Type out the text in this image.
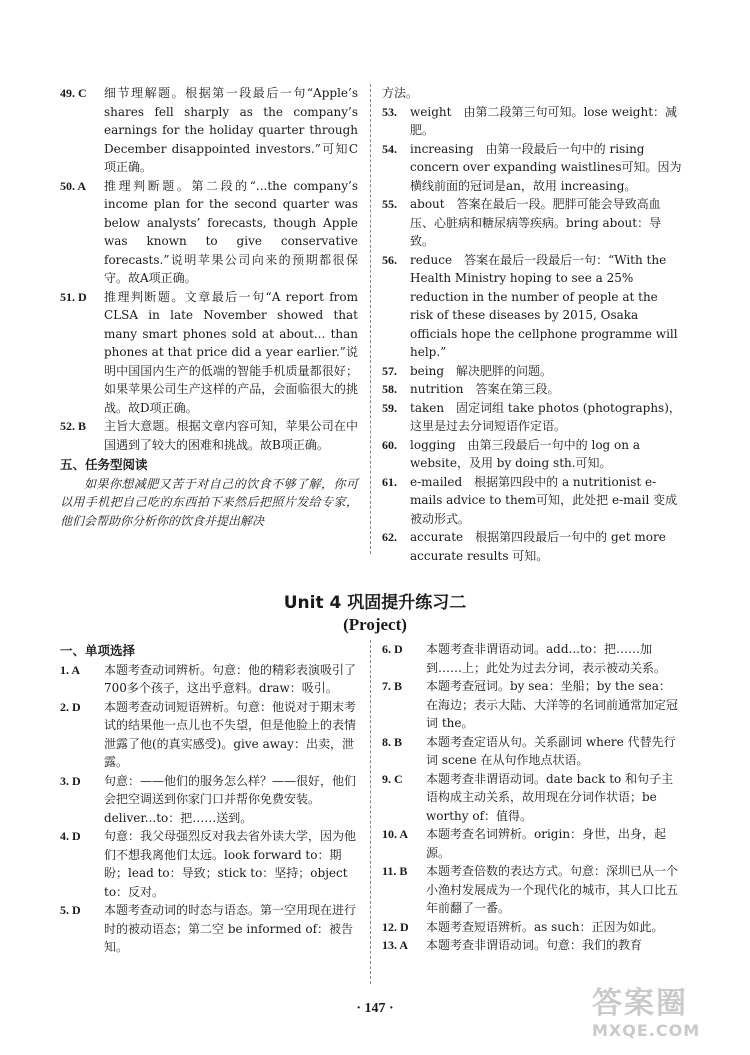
49. C	细节理解题。根据第一段最后一句“Apple’s shares fell sharply as the company’s earnings for the holiday quarter through December disappointed investors.”可知C项正确。
50. A	推理判断题。第二段的“...the company’s income plan for the second quarter was below analysts’ forecasts, though Apple was known to give conservative forecasts.”说明苹果公司向来的预期都很保守。故A项正确。
51. D	推理判断题。文章最后一句“A report from CLSA in late November showed that many smart phones sold at about... than phones at that price did a year earlier.”说明中国国内生产的低端的智能手机质量都很好；如果苹果公司生产这样的产品，会面临很大的挑战。故D项正确。
52. B	主旨大意题。根据文章内容可知，苹果公司在中国遇到了较大的困难和挑战。故B项正确。
五、任务型阅读

如果你想减肥又苦于对自己的饮食不够了解，你可以用手机把自己吃的东西拍下来然后把照片发给专家，他们会帮助你分析你的饮食并提出解决

方法。
53.	weight　由第二段第三句可知。lose weight：减肥。
54.	increasing　由第一段最后一句中的 rising concern over expanding waistlines可知。因为横线前面的冠词是an，故用 increasing。
55.	about　答案在最后一段。肥胖可能会导致高血压、心脏病和糖尿病等疾病。bring about：导致。
56.	reduce　答案在最后一段最后一句：“With the Health Ministry hoping to see a 25% reduction in the number of people at the risk of these diseases by 2015, Osaka officials hope the cellphone programme will help.”
57.	being　解决肥胖的问题。
58.	nutrition　答案在第三段。
59.	taken　固定词组 take photos (photographs)，这里是过去分词短语作定语。
60.	logging　由第三段最后一句中的 log on a website，及用 by doing sth.可知。
61.	e-mailed　根据第四段中的 a nutritionist e-mails advice to them可知，此处把 e-mail 变成被动形式。
62.	accurate　根据第四段最后一句中的 get more accurate results 可知。
Unit 4 巩固提升练习二
(Project)
一、单项选择
1. A	本题考查动词辨析。句意：他的精彩表演吸引了700多个孩子，这出乎意料。draw：吸引。
2. D	本题考查动词短语辨析。句意：他说对于期末考试的结果他一点儿也不失望，但是他脸上的表情泄露了他(的真实感受)。give away：出卖，泄露。
3. D	句意：——他们的服务怎么样？——很好，他们会把空调送到你家门口并帮你免费安装。deliver...to：把……送到。
4. D	句意：我父母强烈反对我去省外读大学，因为他们不想我离他们太远。look forward to：期盼；lead to：导致；stick to：坚持；object to：反对。
5. D	本题考查动词的时态与语态。第一空用现在进行时的被动语态；第二空 be informed of：被告知。
6. D	本题考查非谓语动词。add...to：把……加到……上；此处为过去分词，表示被动关系。
7. B	本题考查冠词。by sea：坐船；by the sea：在海边；表示大陆、大洋等的名词前通常加定冠词 the。
8. B	本题考查定语从句。关系副词 where 代替先行词 scene 在从句作地点状语。
9. C	本题考查非谓语动词。date back to 和句子主语构成主动关系，故用现在分词作状语；be worthy of：值得。
10. A	本题考查名词辨析。origin：身世，出身，起源。
11. B	本题考查倍数的表达方式。句意：深圳已从一个小渔村发展成为一个现代化的城市，其人口比五年前翻了一番。
12. D	本题考查短语辨析。as such：正因为如此。
13. A	本题考查非谓语动词。句意：我们的教育
· 147 ·	答案圈
MXQE.COM
